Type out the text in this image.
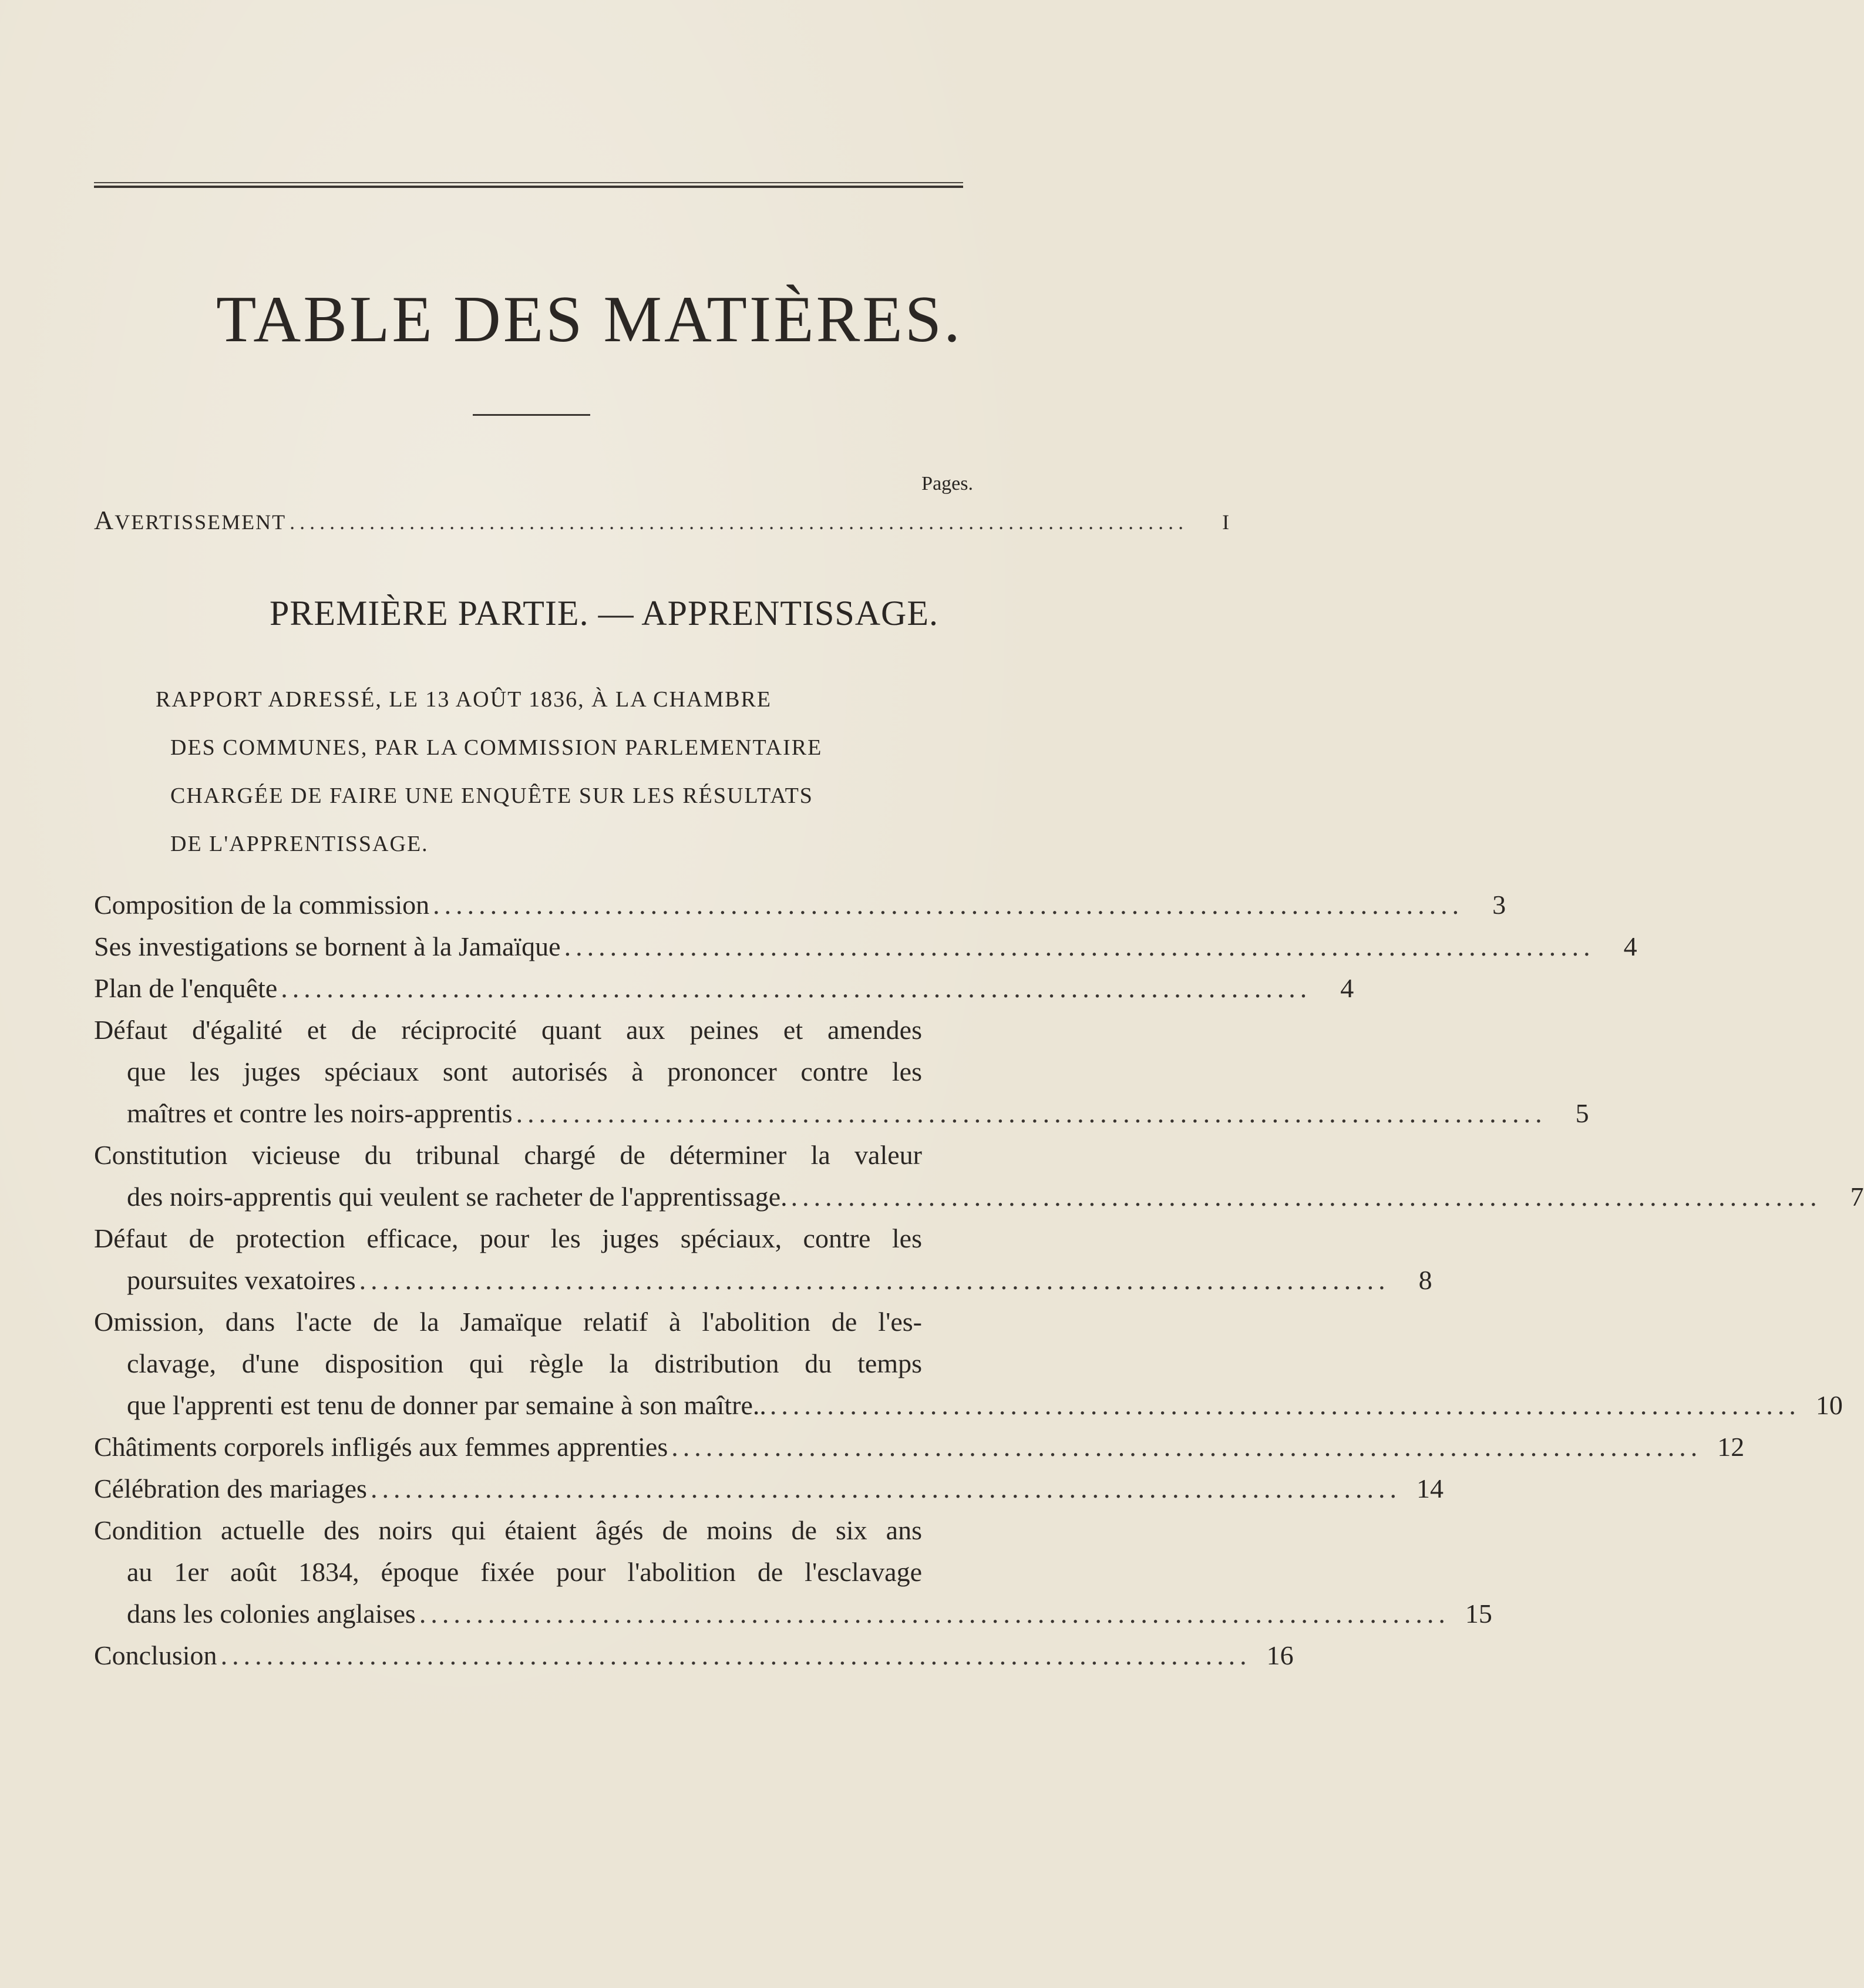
TABLE DES MATIÈRES.
Pages.
AVERTISSEMENT ..........................................................................................	I
PREMIÈRE PARTIE. — APPRENTISSAGE.
RAPPORT ADRESSÉ, LE 13 AOÛT 1836, À LA CHAMBRE
DES COMMUNES, PAR LA COMMISSION PARLEMENTAIRE
CHARGÉE DE FAIRE UNE ENQUÊTE SUR LES RÉSULTATS
DE L'APPRENTISSAGE.
Composition de la commission ..........................................................................................	3
Ses investigations se bornent à la Jamaïque ..........................................................................................	4
Plan de l'enquête ..........................................................................................	4
Défaut d'égalité et de réciprocité quant aux peines et amendes
que les juges spéciaux sont autorisés à prononcer contre les
maîtres et contre les noirs-apprentis ..........................................................................................	5
Constitution vicieuse du tribunal chargé de déterminer la valeur
des noirs-apprentis qui veulent se racheter de l'apprentissage. ..........................................................................................	7
Défaut de protection efficace, pour les juges spéciaux, contre les
poursuites vexatoires ..........................................................................................	8
Omission, dans l'acte de la Jamaïque relatif à l'abolition de l'es-
clavage, d'une disposition qui règle la distribution du temps
que l'apprenti est tenu de donner par semaine à son maître.. .......................................................................................... 10
Châtiments corporels infligés aux femmes apprenties .......................................................................................... 12
Célébration des mariages .......................................................................................... 14
Condition actuelle des noirs qui étaient âgés de moins de six ans
au 1er août 1834, époque fixée pour l'abolition de l'esclavage
dans les colonies anglaises .......................................................................................... 15
Conclusion .......................................................................................... 16
